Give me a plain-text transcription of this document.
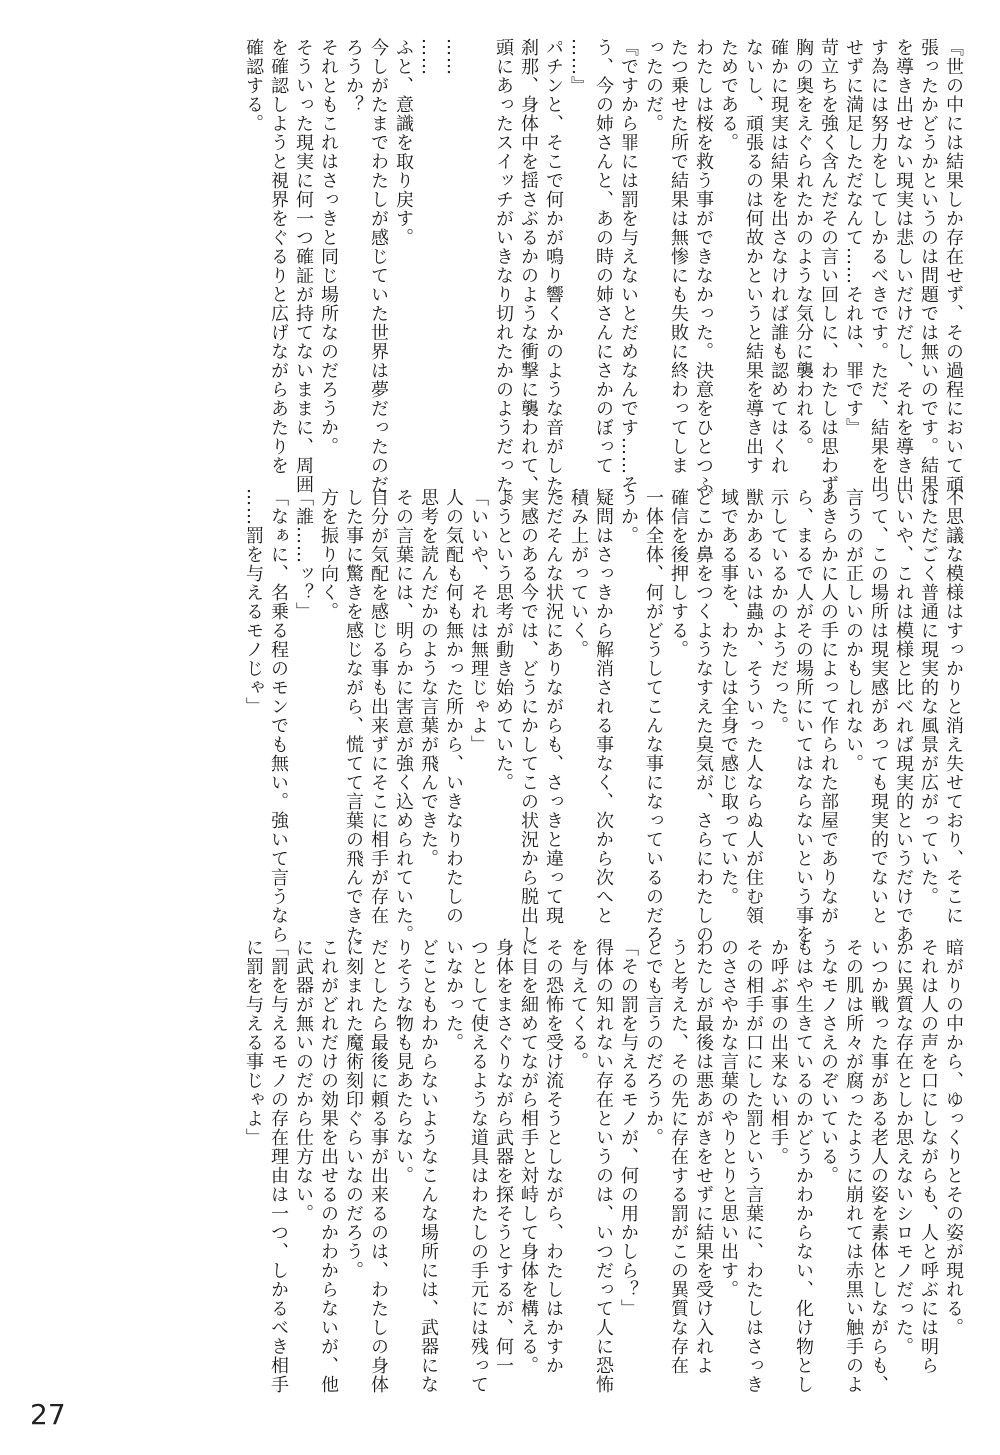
『世の中には結果しか存在せず、その過程において頑

張ったかどうかというのは問題では無いのです。結果

を導き出せない現実は悲しいだけだし、それを導き出

す為には努力をしてしかるべきです。ただ、結果を出

せずに満足しただなんて……それは、罪です』

苛立ちを強く含んだその言い回しに、わたしは思わず

胸の奥をえぐられたかのような気分に襲われる。

確かに現実は結果を出さなければ誰も認めてはくれ

ないし、頑張るのは何故かというと結果を導き出す

ためである。

わたしは桜を救う事ができなかった。決意をひとつふ

たつ乗せた所で結果は無惨にも失敗に終わってしま

ったのだ。

『ですから罪には罰を与えないとだめなんです……そ

う、今の姉さんと、あの時の姉さんにさかのぼって

……』

パチンと、そこで何かが鳴り響くかのような音がした。

刹那、身体中を揺さぶるかのような衝撃に襲われて、

頭にあったスイッチがいきなり切れたかのようだった。

……

……

ふと、意識を取り戻す。

今しがたまでわたしが感じていた世界は夢だったのだ

ろうか？

それともこれはさっきと同じ場所なのだろうか。

そういった現実に何一つ確証が持てないままに、周囲

を確認しようと視界をぐるりと広げながらあたりを

確認する。

不思議な模様はすっかりと消え失せており、そこに

はただごく普通に現実的な風景が広がっていた。

いいや、これは模様と比べれば現実的というだけであ

って、この場所は現実感があっても現実的でないと

言うのが正しいのかもしれない。

あきらかに人の手によって作られた部屋でありなが

ら、まるで人がその場所にいてはならないという事を

示しているかのようだった。

獣かあるいは蟲か、そういった人ならぬ人が住む領

域である事を、わたしは全身で感じ取っていた。

どこか鼻をつくようなすえた臭気が、さらにわたしの

確信を後押しする。

一体全体、何がどうしてこんな事になっているのだろ

うか。

疑問はさっきから解消される事なく、次から次へと

積み上がっていく。

ただそんな状況にありながらも、さっきと違って現

実感のある今では、どうにかしてこの状況から脱出し

ようという思考が動き始めていた。

「いいや、それは無理じゃよ」

人の気配も何も無かった所から、いきなりわたしの

思考を読んだかのような言葉が飛んできた。

その言葉には、明らかに害意が強く込められていた。

自分が気配を感じる事も出来ずにそこに相手が存在

した事に驚きを感じながら、慌てて言葉の飛んできた

方を振り向く。

「誰……ッ？」

「なぁに、名乗る程のモンでも無い。強いて言うなら

……罰を与えるモノじゃ」

暗がりの中から、ゆっくりとその姿が現れる。

それは人の声を口にしながらも、人と呼ぶには明ら

かに異質な存在としか思えないシロモノだった。

いつか戦った事がある老人の姿を素体としながらも、

その肌は所々が腐ったように崩れては赤黒い触手のよ

うなモノさえのぞいている。

もはや生きているのかどうかわからない、化け物とし

か呼ぶ事の出来ない相手。

その相手が口にした罰という言葉に、わたしはさっき

のささやかな言葉のやりとりと思い出す。

わたしが最後は悪あがきをせずに結果を受け入れよ

うと考えた、その先に存在する罰がこの異質な存在

とでも言うのだろうか。

「その罰を与えるモノが、何の用かしら？」

得体の知れない存在というのは、いつだって人に恐怖

を与えてくる。

その恐怖を受け流そうとしながら、わたしはかすか

に目を細めてながら相手と対峙して身体を構える。

身体をまさぐりながら武器を探そうとするが、何一

つとして使えるような道具はわたしの手元には残って

いなかった。

どこともわからないようなこんな場所には、武器にな

りそうな物も見あたらない。

だとしたら最後に頼る事が出来るのは、わたしの身体

に刻まれた魔術刻印ぐらいなのだろう。

これがどれだけの効果を出せるのかわからないが、他

に武器が無いのだから仕方ない。

「罰を与えるモノの存在理由は一つ、しかるべき相手

に罰を与える事じゃよ」

27
